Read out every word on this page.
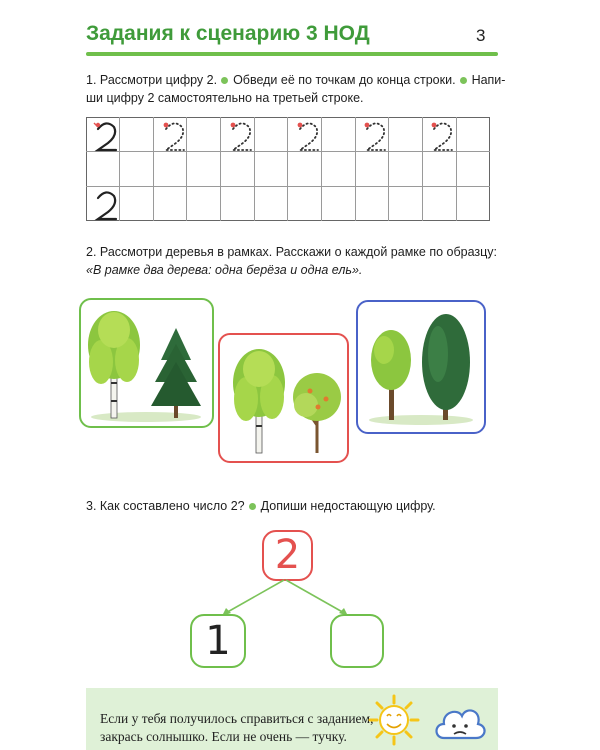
Задания к сценарию 3 НОД	3
1. Рассмотри цифру 2. Обведи её по точкам до конца строки. Напи-
ши цифру 2 самостоятельно на третьей строке.
2. Рассмотри деревья в рамках. Расскажи о каждой рамке по образцу:
«В рамке два дерева: одна берёза и одна ель».
3. Как составлено число 2? Допиши недостающую цифру.
2
1
Если у тебя получилось справиться с заданием,
закрась солнышко. Если не очень — тучку.
